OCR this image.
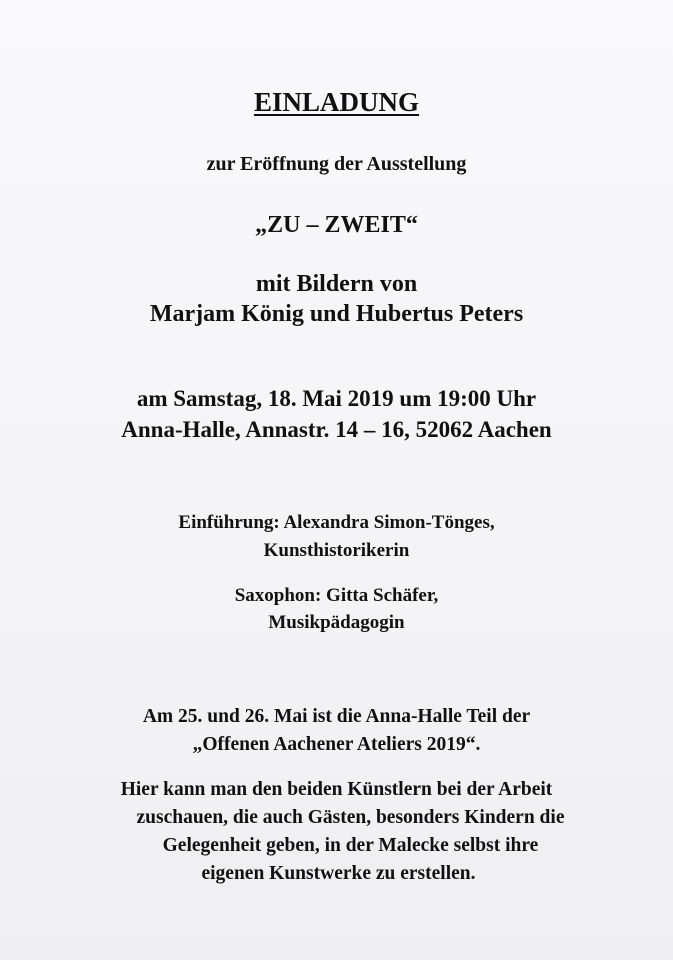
EINLADUNG
zur Eröffnung der Ausstellung
„ZU – ZWEIT“
mit Bildern von
Marjam König und Hubertus Peters
am Samstag, 18. Mai 2019 um 19:00 Uhr
Anna-Halle, Annastr. 14 – 16, 52062 Aachen
Einführung: Alexandra Simon-Tönges,
Kunsthistorikerin
Saxophon: Gitta Schäfer,
Musikpädagogin
Am 25. und 26. Mai ist die Anna-Halle Teil der
„Offenen Aachener Ateliers 2019“.
Hier kann man den beiden Künstlern bei der Arbeit
zuschauen, die auch Gästen, besonders Kindern die
Gelegenheit geben, in der Malecke selbst ihre
eigenen Kunstwerke zu erstellen.
